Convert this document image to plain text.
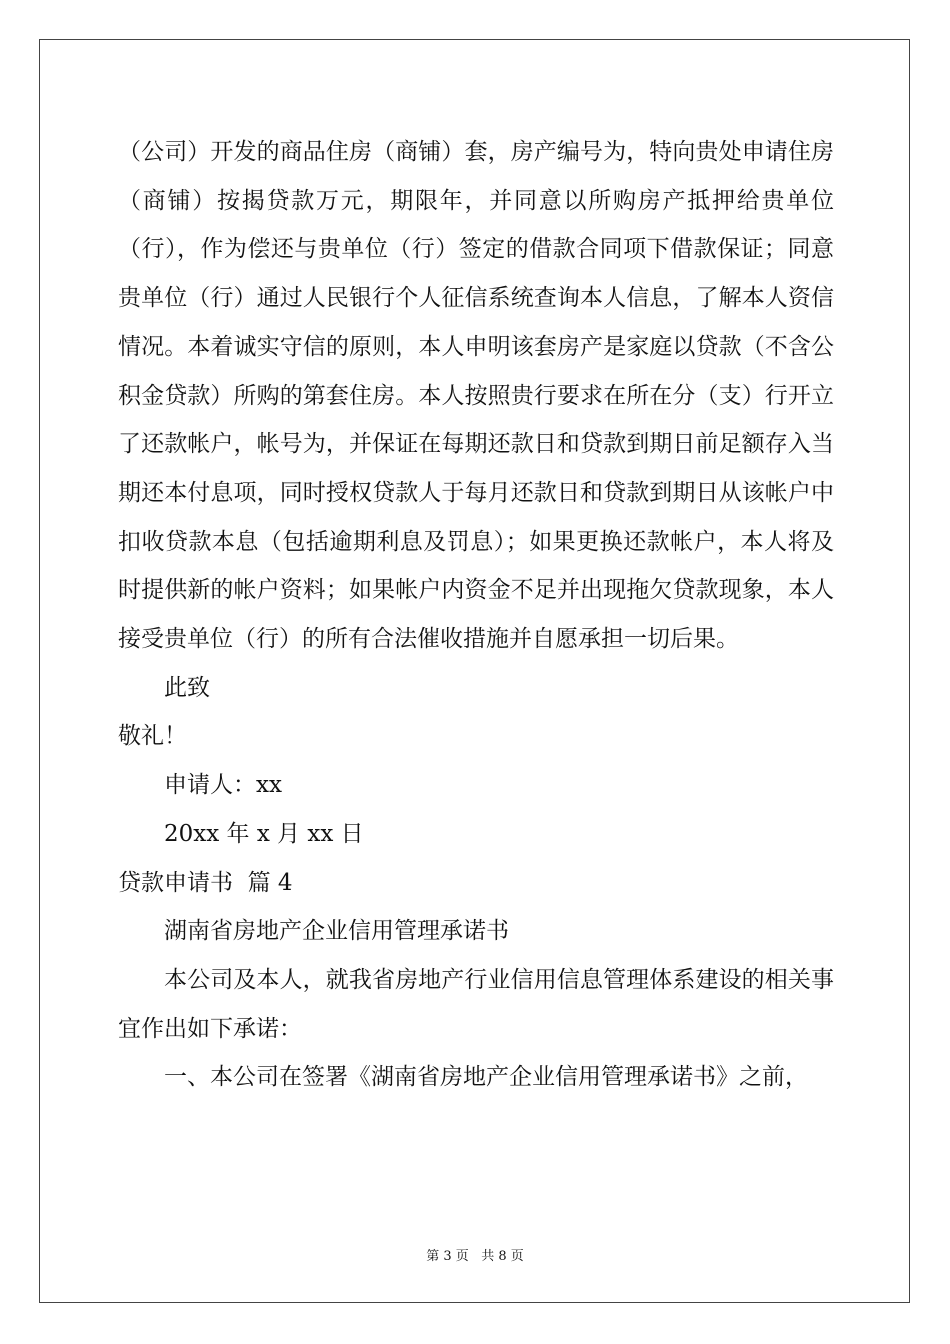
（公司）开发的商品住房（商铺）套，房产编号为，特向贵处申请住房（商铺）按揭贷款万元，期限年，并同意以所购房产抵押给贵单位（行），作为偿还与贵单位（行）签定的借款合同项下借款保证；同意贵单位（行）通过人民银行个人征信系统查询本人信息，了解本人资信情况。本着诚实守信的原则，本人申明该套房产是家庭以贷款（不含公积金贷款）所购的第套住房。本人按照贵行要求在所在分（支）行开立了还款帐户，帐号为，并保证在每期还款日和贷款到期日前足额存入当期还本付息项，同时授权贷款人于每月还款日和贷款到期日从该帐户中扣收贷款本息（包括逾期利息及罚息）；如果更换还款帐户，本人将及时提供新的帐户资料；如果帐户内资金不足并出现拖欠贷款现象，本人接受贵单位（行）的所有合法催收措施并自愿承担一切后果。

此致

敬礼！

申请人：xx

20xx 年 x 月 xx 日

贷款申请书  篇 4

湖南省房地产企业信用管理承诺书

本公司及本人，就我省房地产行业信用信息管理体系建设的相关事宜作出如下承诺：

一、本公司在签署《湖南省房地产企业信用管理承诺书》之前，

第 3 页 共 8 页
